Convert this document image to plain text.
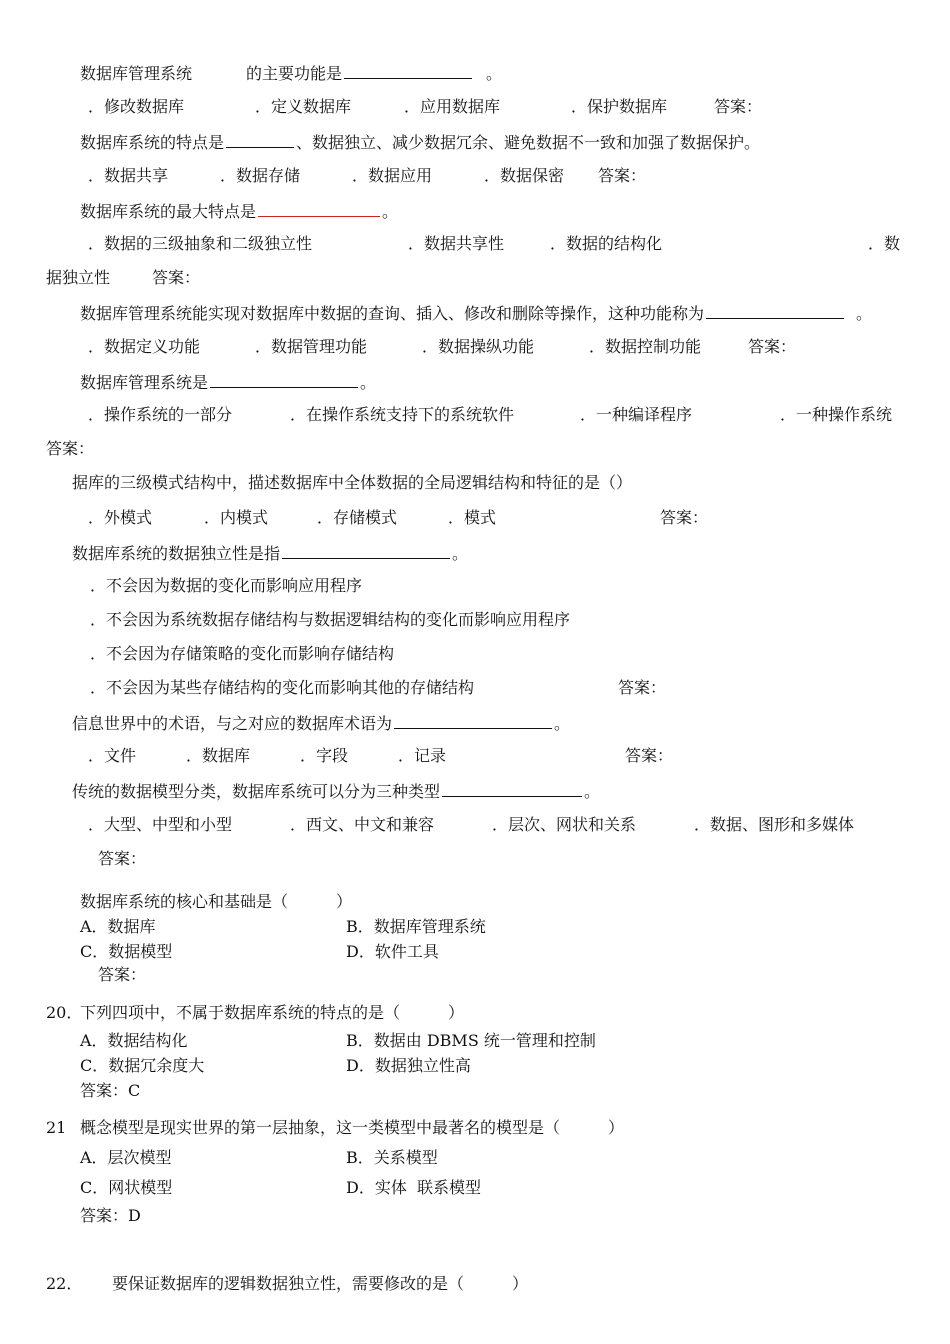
数据库管理系统	的主要功能是	。
．修改数据库	．定义数据库	．应用数据库	．保护数据库	答案：
数据库系统的特点是	、数据独立、减少数据冗余、避免数据不一致和加强了数据保护。
．数据共享	．数据存储	．数据应用	．数据保密 答案：
数据库系统的最大特点是	。
．数据的三级抽象和二级独立性	．数据共享性	．数据的结构化	．数
据独立性	答案：
数据库管理系统能实现对数据库中数据的查询、插入、修改和删除等操作，这种功能称为	。
．数据定义功能	．数据管理功能	．数据操纵功能	．数据控制功能	答案：
数据库管理系统是	。
．操作系统的一部分	．在操作系统支持下的系统软件	．一种编译程序	．一种操作系统
答案：
据库的三级模式结构中，描述数据库中全体数据的全局逻辑结构和特征的是（）
．外模式	．内模式	．存储模式	．模式	答案：
数据库系统的数据独立性是指	。
．不会因为数据的变化而影响应用程序
．不会因为系统数据存储结构与数据逻辑结构的变化而影响应用程序
．不会因为存储策略的变化而影响存储结构
．不会因为某些存储结构的变化而影响其他的存储结构	答案：
信息世界中的术语，与之对应的数据库术语为	。
．文件	．数据库	．字段	．记录	答案：
传统的数据模型分类，数据库系统可以分为三种类型	。
．大型、中型和小型	．西文、中文和兼容	．层次、网状和关系	．数据、图形和多媒体
答案：
数据库系统的核心和基础是（　　　）
A．数据库	B．数据库管理系统
C．数据模型	D．软件工具
答案：
20．
下列四项中，不属于数据库系统的特点的是（　　　）
A．数据结构化	B．数据由 DBMS 统一管理和控制
C．数据冗余度大	D．数据独立性高
答案：C
21 概念模型是现实世界的第一层抽象，这一类模型中最著名的模型是（　　　）
A．层次模型	B．关系模型
C．网状模型	D．实体  联系模型
答案：D
22． 要保证数据库的逻辑数据独立性，需要修改的是（　　　）
